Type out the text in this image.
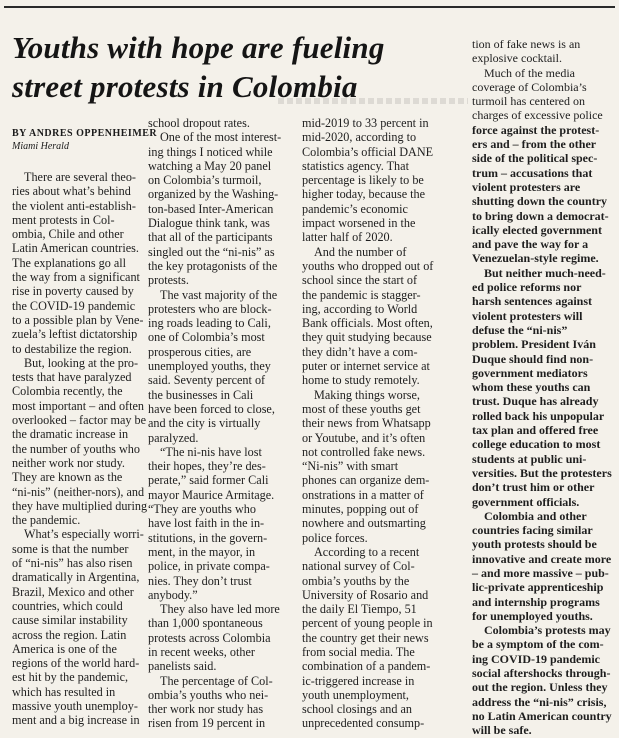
Youths with hope are fueling
street protests in Colombia
BY ANDRES OPPENHEIMER
Miami Herald
There are several theo-
ries about what’s behind
the violent anti-establish-
ment protests in Col-
ombia, Chile and other
Latin American countries.
The explanations go all
the way from a significant
rise in poverty caused by
the COVID-19 pandemic
to a possible plan by Vene-
zuela’s leftist dictatorship
to destabilize the region.
But, looking at the pro-
tests that have paralyzed
Colombia recently, the
most important – and often
overlooked – factor may be
the dramatic increase in
the number of youths who
neither work nor study.
They are known as the
“ni-nis” (neither-nors), and
they have multiplied during
the pandemic.
What’s especially worri-
some is that the number
of “ni-nis” has also risen
dramatically in Argentina,
Brazil, Mexico and other
countries, which could
cause similar instability
across the region. Latin
America is one of the
regions of the world hard-
est hit by the pandemic,
which has resulted in
massive youth unemploy-
ment and a big increase in
school dropout rates.
One of the most interest-
ing things I noticed while
watching a May 20 panel
on Colombia’s turmoil,
organized by the Washing-
ton-based Inter-American
Dialogue think tank, was
that all of the participants
singled out the “ni-nis” as
the key protagonists of the
protests.
The vast majority of the
protesters who are block-
ing roads leading to Cali,
one of Colombia’s most
prosperous cities, are
unemployed youths, they
said. Seventy percent of
the businesses in Cali
have been forced to close,
and the city is virtually
paralyzed.
“The ni-nis have lost
their hopes, they’re des-
perate,” said former Cali
mayor Maurice Armitage.
“They are youths who
have lost faith in the in-
stitutions, in the govern-
ment, in the mayor, in
police, in private compa-
nies. They don’t trust
anybody.”
They also have led more
than 1,000 spontaneous
protests across Colombia
in recent weeks, other
panelists said.
The percentage of Col-
ombia’s youths who nei-
ther work nor study has
risen from 19 percent in
mid-2019 to 33 percent in
mid-2020, according to
Colombia’s official DANE
statistics agency. That
percentage is likely to be
higher today, because the
pandemic’s economic
impact worsened in the
latter half of 2020.
And the number of
youths who dropped out of
school since the start of
the pandemic is stagger-
ing, according to World
Bank officials. Most often,
they quit studying because
they didn’t have a com-
puter or internet service at
home to study remotely.
Making things worse,
most of these youths get
their news from Whatsapp
or Youtube, and it’s often
not controlled fake news.
“Ni-nis” with smart
phones can organize dem-
onstrations in a matter of
minutes, popping out of
nowhere and outsmarting
police forces.
According to a recent
national survey of Col-
ombia’s youths by the
University of Rosario and
the daily El Tiempo, 51
percent of young people in
the country get their news
from social media. The
combination of a pandem-
ic-triggered increase in
youth unemployment,
school closings and an
unprecedented consump-
tion of fake news is an
explosive cocktail.
Much of the media
coverage of Colombia’s
turmoil has centered on
charges of excessive police
force against the protest-
ers and – from the other
side of the political spec-
trum – accusations that
violent protesters are
shutting down the country
to bring down a democrat-
ically elected government
and pave the way for a
Venezuelan-style regime.
But neither much-need-
ed police reforms nor
harsh sentences against
violent protesters will
defuse the “ni-nis”
problem. President Iván
Duque should find non-
government mediators
whom these youths can
trust. Duque has already
rolled back his unpopular
tax plan and offered free
college education to most
students at public uni-
versities. But the protesters
don’t trust him or other
government officials.
Colombia and other
countries facing similar
youth protests should be
innovative and create more
– and more massive – pub-
lic-private apprenticeship
and internship programs
for unemployed youths.
Colombia’s protests may
be a symptom of the com-
ing COVID-19 pandemic
social aftershocks through-
out the region. Unless they
address the “ni-nis” crisis,
no Latin American country
will be safe.
